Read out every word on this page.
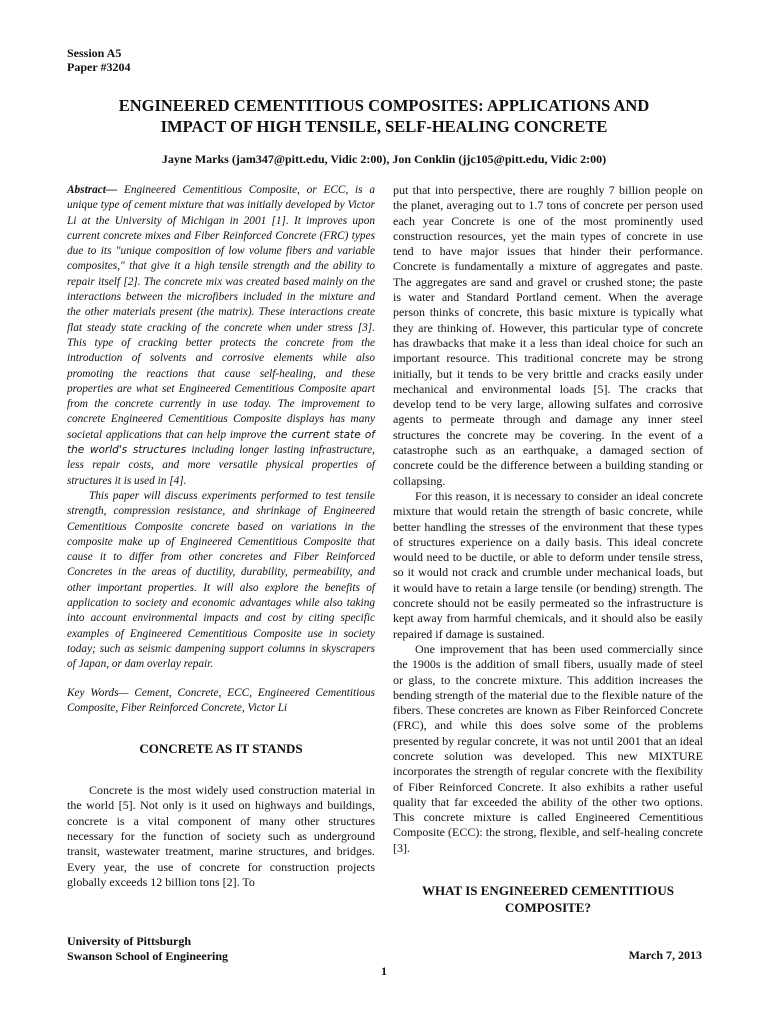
Session A5
Paper #3204
ENGINEERED CEMENTITIOUS COMPOSITES: APPLICATIONS AND
IMPACT OF HIGH TENSILE, SELF-HEALING CONCRETE
Jayne Marks (jam347@pitt.edu, Vidic 2:00), Jon Conklin (jjc105@pitt.edu, Vidic 2:00)

Abstract— Engineered Cementitious Composite, or ECC, is a unique type of cement mixture that was initially developed by Victor Li at the University of Michigan in 2001 [1]. It improves upon current concrete mixes and Fiber Reinforced Concrete (FRC) types due to its "unique composition of low volume fibers and variable composites," that give it a high tensile strength and the ability to repair itself [2]. The concrete mix was created based mainly on the interactions between the microfibers included in the mixture and the other materials present (the matrix). These interactions create flat steady state cracking of the concrete when under stress [3]. This type of cracking better protects the concrete from the introduction of solvents and corrosive elements while also promoting the reactions that cause self-healing, and these properties are what set Engineered Cementitious Composite apart from the concrete currently in use today. The improvement to concrete Engineered Cementitious Composite displays has many societal applications that can help improve the current state of the world's structures including longer lasting infrastructure, less repair costs, and more versatile physical properties of structures it is used in [4].

This paper will discuss experiments performed to test tensile strength, compression resistance, and shrinkage of Engineered Cementitious Composite concrete based on variations in the composite make up of Engineered Cementitious Composite that cause it to differ from other concretes and Fiber Reinforced Concretes in the areas of ductility, durability, permeability, and other important properties. It will also explore the benefits of application to society and economic advantages while also taking into account environmental impacts and cost by citing specific examples of Engineered Cementitious Composite use in society today; such as seismic dampening support columns in skyscrapers of Japan, or dam overlay repair.

Key Words— Cement, Concrete, ECC, Engineered Cementitious Composite, Fiber Reinforced Concrete, Victor Li

CONCRETE AS IT STANDS

Concrete is the most widely used construction material in the world [5]. Not only is it used on highways and buildings, concrete is a vital component of many other structures necessary for the function of society such as underground transit, wastewater treatment, marine structures, and bridges. Every year, the use of concrete for construction projects globally exceeds 12 billion tons [2]. To

put that into perspective, there are roughly 7 billion people on the planet, averaging out to 1.7 tons of concrete per person used each year Concrete is one of the most prominently used construction resources, yet the main types of concrete in use tend to have major issues that hinder their performance. Concrete is fundamentally a mixture of aggregates and paste. The aggregates are sand and gravel or crushed stone; the paste is water and Standard Portland cement. When the average person thinks of concrete, this basic mixture is typically what they are thinking of. However, this particular type of concrete has drawbacks that make it a less than ideal choice for such an important resource. This traditional concrete may be strong initially, but it tends to be very brittle and cracks easily under mechanical and environmental loads [5]. The cracks that develop tend to be very large, allowing sulfates and corrosive agents to permeate through and damage any inner steel structures the concrete may be covering. In the event of a catastrophe such as an earthquake, a damaged section of concrete could be the difference between a building standing or collapsing.

For this reason, it is necessary to consider an ideal concrete mixture that would retain the strength of basic concrete, while better handling the stresses of the environment that these types of structures experience on a daily basis. This ideal concrete would need to be ductile, or able to deform under tensile stress, so it would not crack and crumble under mechanical loads, but it would have to retain a large tensile (or bending) strength. The concrete should not be easily permeated so the infrastructure is kept away from harmful chemicals, and it should also be easily repaired if damage is sustained.

One improvement that has been used commercially since the 1900s is the addition of small fibers, usually made of steel or glass, to the concrete mixture. This addition increases the bending strength of the material due to the flexible nature of the fibers. These concretes are known as Fiber Reinforced Concrete (FRC), and while this does solve some of the problems presented by regular concrete, it was not until 2001 that an ideal concrete solution was developed. This new MIXTURE incorporates the strength of regular concrete with the flexibility of Fiber Reinforced Concrete. It also exhibits a rather useful quality that far exceeded the ability of the other two options. This concrete mixture is called Engineered Cementitious Composite (ECC): the strong, flexible, and self-healing concrete [3].

WHAT IS ENGINEERED CEMENTITIOUS COMPOSITE?
University of Pittsburgh
Swanson School of Engineering	March 7, 2013
1
